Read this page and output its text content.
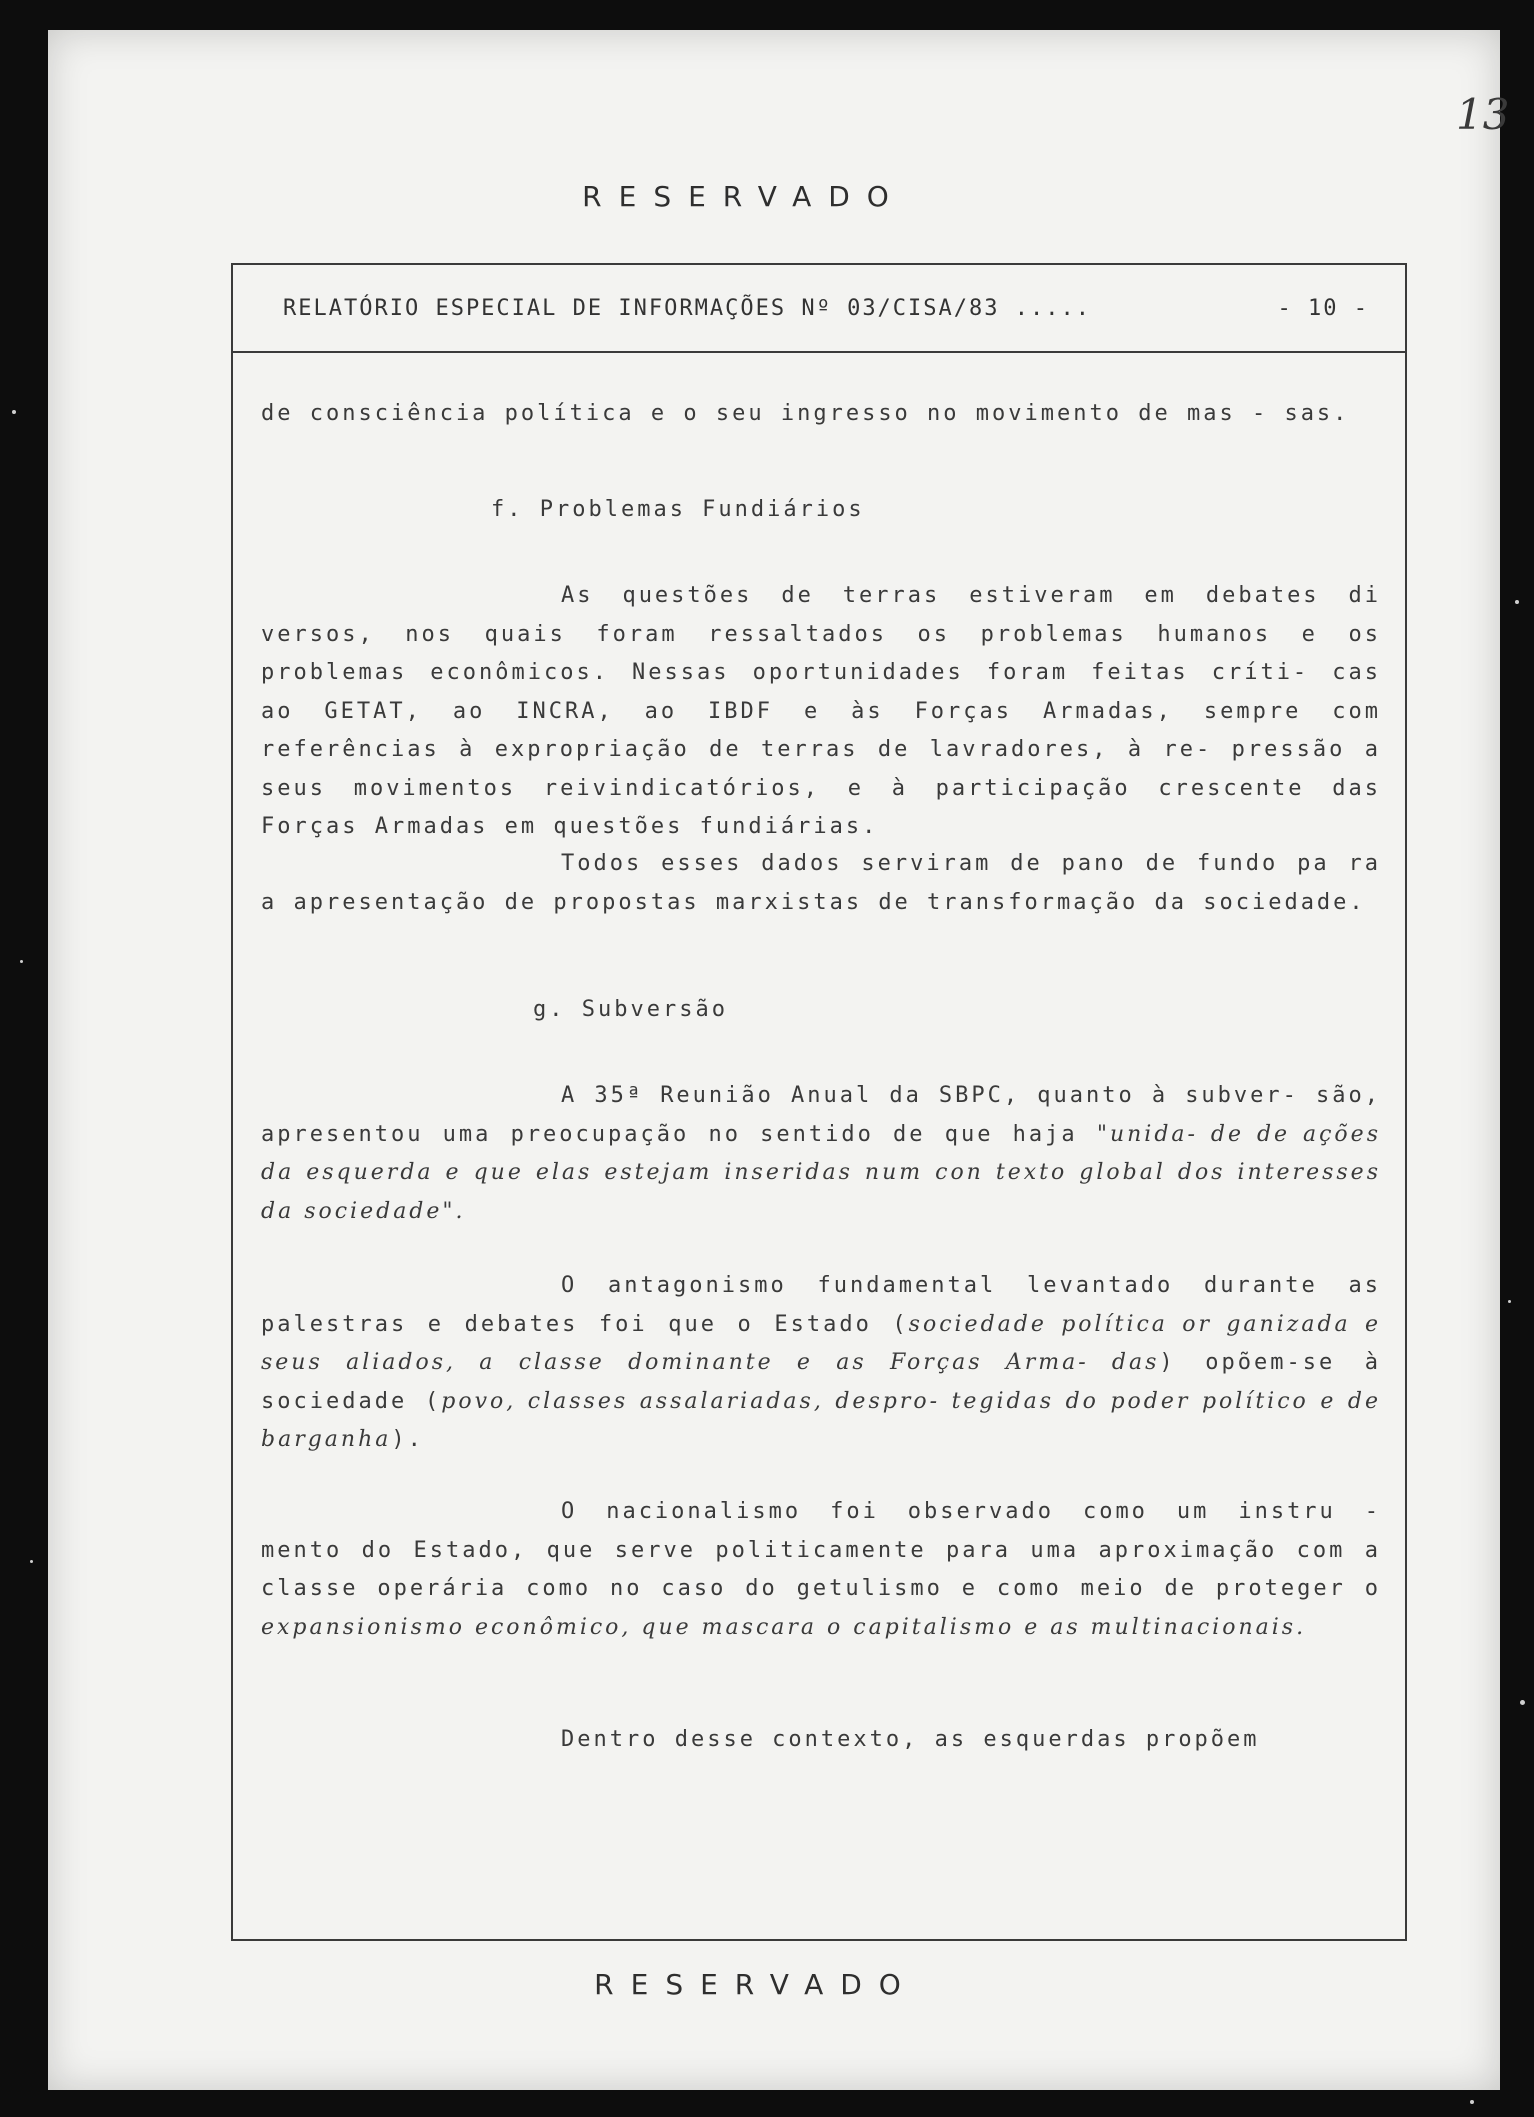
13
RESERVADO
RELATÓRIO ESPECIAL DE INFORMAÇÕES Nº 03/CISA/83 .....	- 10 -

de consciência política e o seu ingresso no movimento de mas - sas.

f. Problemas Fundiários

As questões de terras estiveram em debates di versos, nos quais foram ressaltados os problemas humanos e os problemas econômicos. Nessas oportunidades foram feitas críti- cas ao GETAT, ao INCRA, ao IBDF e às Forças Armadas, sempre com referências à expropriação de terras de lavradores, à re- pressão a seus movimentos reivindicatórios, e à participação crescente das Forças Armadas em questões fundiárias.

Todos esses dados serviram de pano de fundo pa ra a apresentação de propostas marxistas de transformação da sociedade.

g. Subversão

A 35ª Reunião Anual da SBPC, quanto à subver- são, apresentou uma preocupação no sentido de que haja "unida- de de ações da esquerda e que elas estejam inseridas num con texto global dos interesses da sociedade".

O antagonismo fundamental levantado durante as palestras e debates foi que o Estado (sociedade política or ganizada e seus aliados, a classe dominante e as Forças Arma- das) opõem-se à sociedade (povo, classes assalariadas, despro- tegidas do poder político e de barganha).

O nacionalismo foi observado como um instru - mento do Estado, que serve politicamente para uma aproximação com a classe operária como no caso do getulismo e como meio de proteger o expansionismo econômico, que mascara o capitalismo e as multinacionais.

Dentro desse contexto, as esquerdas propõem

RESERVADO
